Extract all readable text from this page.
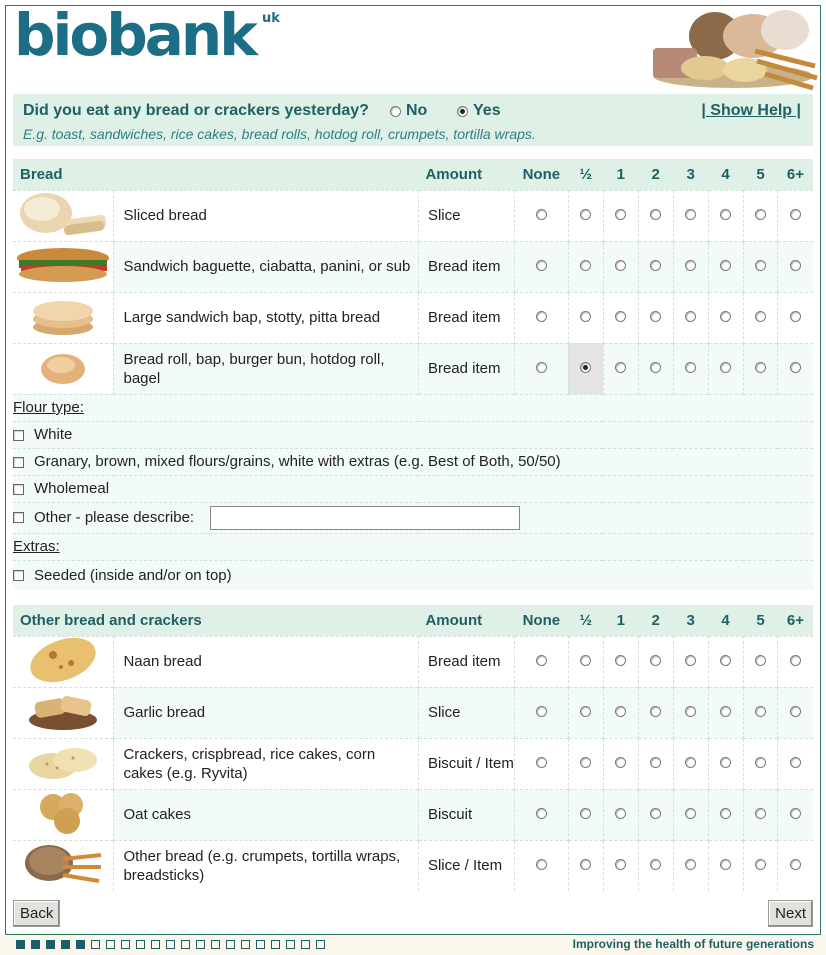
biobank uk
Did you eat any bread or crackers yesterday? No	Yes	| Show Help |
E.g. toast, sandwiches, rice cakes, bread rolls, hotdog roll, crumpets, tortilla wraps.
Bread		Amount	None	½	1	2	3	4	5	6+
	Sliced bread	Slice								
	Sandwich baguette, ciabatta, panini, or sub	Bread item								
	Large sandwich bap, stotty, pitta bread	Bread item								
	Bread roll, bap, burger bun, hotdog roll, bagel	Bread item								
Flour type:										
White										
Granary, brown, mixed flours/grains, white with extras (e.g. Best of Both, 50/50)										
Wholemeal										
Other - please describe:										
Extras:										
Seeded (inside and/or on top)										
Other bread and crackers		Amount	None	½	1	2	3	4	5	6+
	Naan bread	Bread item								
	Garlic bread	Slice								
	Crackers, crispbread, rice cakes, corn cakes (e.g. Ryvita)	Biscuit / Item								
	Oat cakes	Biscuit								
	Other bread (e.g. crumpets, tortilla wraps, breadsticks)	Slice / Item								
Back	Next
Improving the health of future generations
